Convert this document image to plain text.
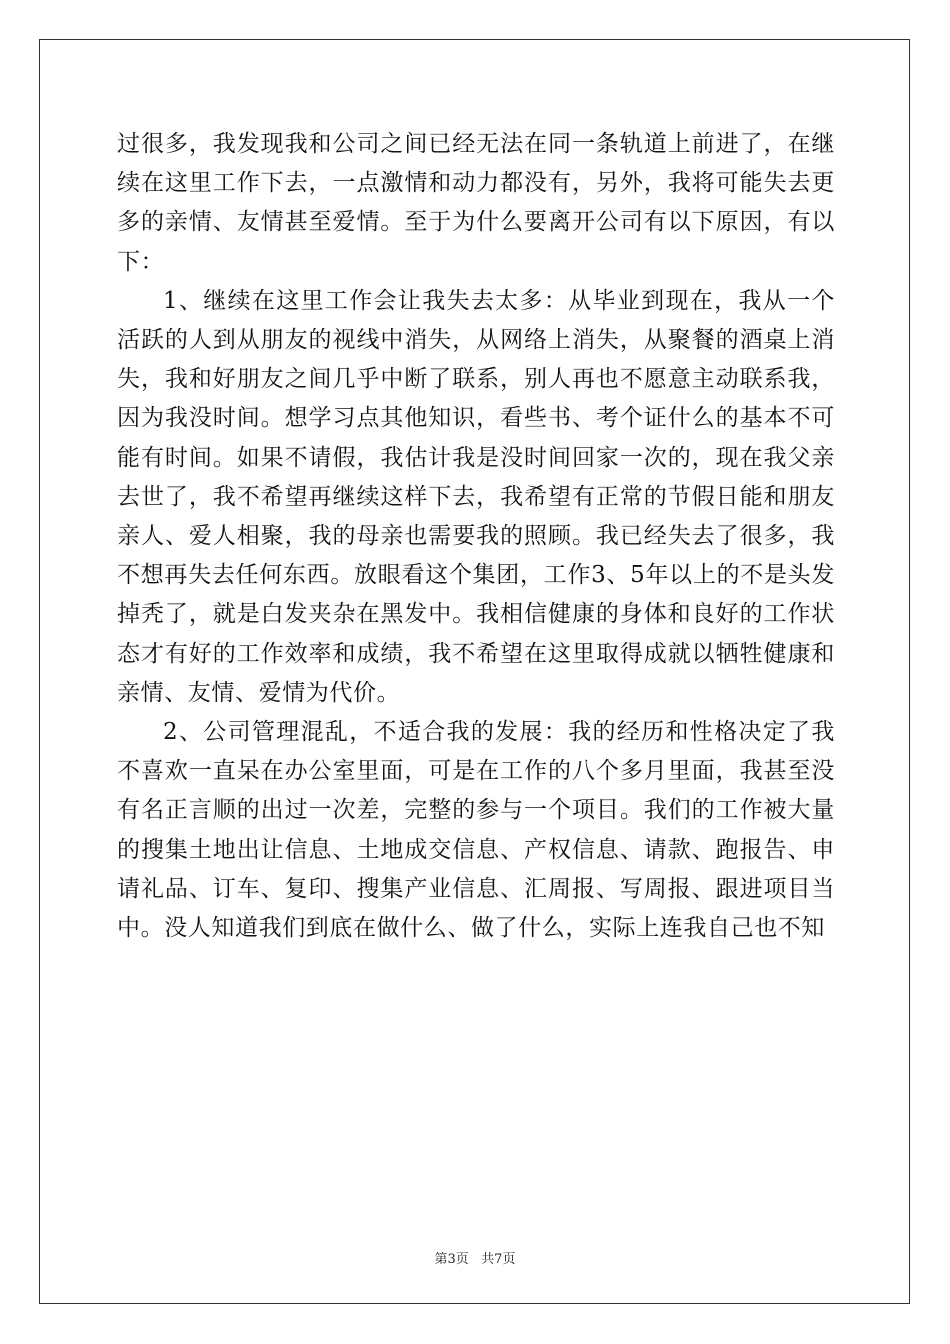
过很多，我发现我和公司之间已经无法在同一条轨道上前进了，在继续在这里工作下去，一点激情和动力都没有，另外，我将可能失去更多的亲情、友情甚至爱情。至于为什么要离开公司有以下原因，有以下：

1、继续在这里工作会让我失去太多：从毕业到现在，我从一个活跃的人到从朋友的视线中消失，从网络上消失，从聚餐的酒桌上消失，我和好朋友之间几乎中断了联系，别人再也不愿意主动联系我，因为我没时间。想学习点其他知识，看些书、考个证什么的基本不可能有时间。如果不请假，我估计我是没时间回家一次的，现在我父亲去世了，我不希望再继续这样下去，我希望有正常的节假日能和朋友亲人、爱人相聚，我的母亲也需要我的照顾。我已经失去了很多，我不想再失去任何东西。放眼看这个集团，工作3、5年以上的不是头发掉秃了，就是白发夹杂在黑发中。我相信健康的身体和良好的工作状态才有好的工作效率和成绩，我不希望在这里取得成就以牺牲健康和亲情、友情、爱情为代价。

2、公司管理混乱，不适合我的发展：我的经历和性格决定了我不喜欢一直呆在办公室里面，可是在工作的八个多月里面，我甚至没有名正言顺的出过一次差，完整的参与一个项目。我们的工作被大量的搜集土地出让信息、土地成交信息、产权信息、请款、跑报告、申请礼品、订车、复印、搜集产业信息、汇周报、写周报、跟进项目当中。没人知道我们到底在做什么、做了什么，实际上连我自己也不知

第3页   共7页
